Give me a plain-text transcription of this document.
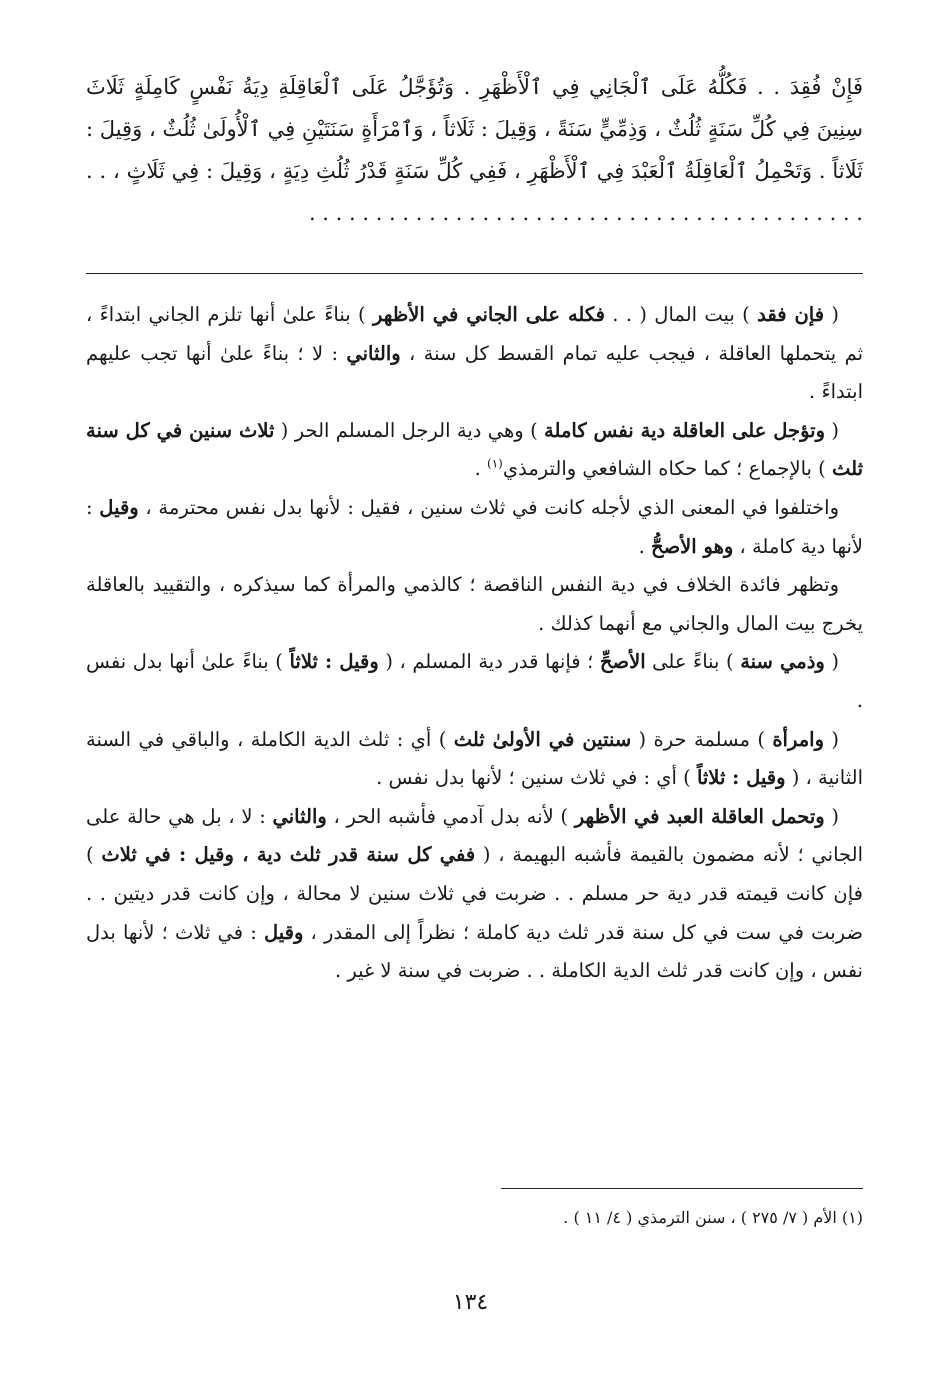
فَإِنْ فُقِدَ . . فَكُلُّهُ عَلَى ٱلْجَانِي فِي ٱلْأَظْهَرِ . وَتُؤَجَّلُ عَلَى ٱلْعَاقِلَةِ دِيَةُ نَفْسٍ كَامِلَةٍ ثَلَاثَ سِنِينَ فِي كُلِّ سَنَةٍ ثُلُثٌ ، وَذِمِّيٍّ سَنَةً ، وَقِيلَ : ثَلَاثاً ، وَٱمْرَأَةٍ سَنَتَيْنِ فِي ٱلْأُولَىٰ ثُلُثٌ ، وَقِيلَ : ثَلَاثاً . وَتَحْمِلُ ٱلْعَاقِلَةُ ٱلْعَبْدَ فِي ٱلْأَظْهَرِ ، فَفِي كُلِّ سَنَةٍ قَدْرُ ثُلُثِ دِيَةٍ ، وَقِيلَ : فِي ثَلَاثٍ ، . . . . . . . . . . . . . . . . . . . . . . . . . . . . . . . . . . . . . . . . . . . .

( فإن فقد ) بيت المال ( . . فكله على الجاني في الأظهر ) بناءً علىٰ أنها تلزم الجاني ابتداءً ، ثم يتحملها العاقلة ، فيجب عليه تمام القسط كل سنة ، والثاني : لا ؛ بناءً علىٰ أنها تجب عليهم ابتداءً .

( وتؤجل على العاقلة دية نفس كاملة ) وهي دية الرجل المسلم الحر ( ثلاث سنين في كل سنة ثلث ) بالإجماع ؛ كما حكاه الشافعي والترمذي$^{(١)}$ .

واختلفوا في المعنى الذي لأجله كانت في ثلاث سنين ، فقيل : لأنها بدل نفس محترمة ، وقيل : لأنها دية كاملة ، وهو الأصحُّ .

وتظهر فائدة الخلاف في دية النفس الناقصة ؛ كالذمي والمرأة كما سيذكره ، والتقييد بالعاقلة يخرج بيت المال والجاني مع أنهما كذلك .

( وذمي سنة ) بناءً على الأصحِّ ؛ فإنها قدر دية المسلم ، ( وقيل : ثلاثاً ) بناءً علىٰ أنها بدل نفس .

( وامرأة ) مسلمة حرة ( سنتين في الأولىٰ ثلث ) أي : ثلث الدية الكاملة ، والباقي في السنة الثانية ، ( وقيل : ثلاثاً ) أي : في ثلاث سنين ؛ لأنها بدل نفس .

( وتحمل العاقلة العبد في الأظهر ) لأنه بدل آدمي فأشبه الحر ، والثاني : لا ، بل هي حالة على الجاني ؛ لأنه مضمون بالقيمة فأشبه البهيمة ، ( ففي كل سنة قدر ثلث دية ، وقيل : في ثلاث ) فإن كانت قيمته قدر دية حر مسلم . . ضربت في ثلاث سنين لا محالة ، وإن كانت قدر ديتين . . ضربت في ست في كل سنة قدر ثلث دية كاملة ؛ نظراً إلى المقدر ، وقيل : في ثلاث ؛ لأنها بدل نفس ، وإن كانت قدر ثلث الدية الكاملة . . ضربت في سنة لا غير .

(١) الأم ( ٧/ ٢٧٥ ) ، سنن الترمذي ( ٤/ ١١ ) .
١٣٤
